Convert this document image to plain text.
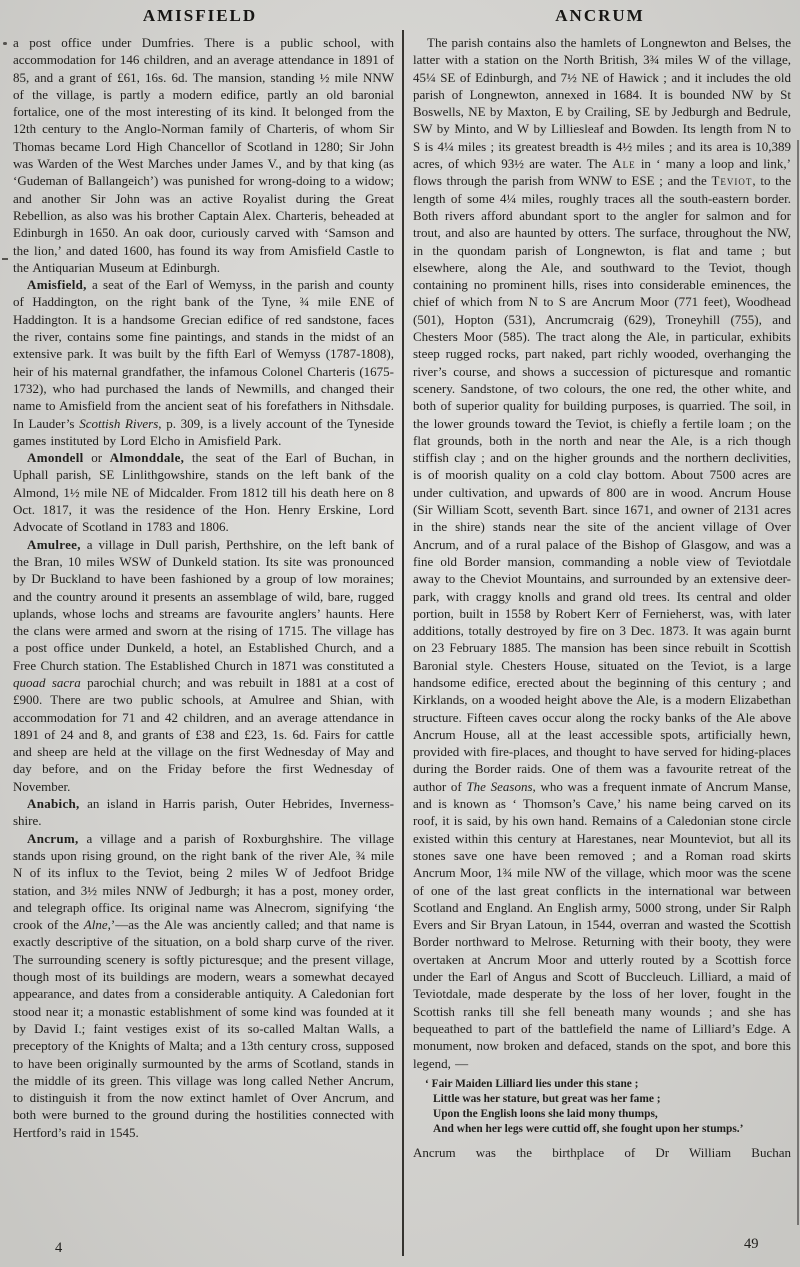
AMISFIELD	ANCRUM

a post office under Dumfries. There is a public school, with accommodation for 146 children, and an average attendance in 1891 of 85, and a grant of £61, 16s. 6d. The mansion, standing ½ mile NNW of the village, is partly a modern edifice, partly an old baronial fortalice, one of the most interesting of its kind. It belonged from the 12th century to the Anglo-Norman family of Charteris, of whom Sir Thomas became Lord High Chancellor of Scotland in 1280; Sir John was Warden of the West Marches under James V., and by that king (as ‘Gudeman of Ballangeich’) was punished for wrong-doing to a widow; and another Sir John was an active Royalist during the Great Rebellion, as also was his brother Captain Alex. Charteris, beheaded at Edinburgh in 1650. An oak door, curiously carved with ‘Samson and the lion,’ and dated 1600, has found its way from Amisfield Castle to the Antiquarian Museum at Edinburgh.

Amisfield, a seat of the Earl of Wemyss, in the parish and county of Haddington, on the right bank of the Tyne, ¾ mile ENE of Haddington. It is a handsome Grecian edifice of red sandstone, faces the river, contains some fine paintings, and stands in the midst of an extensive park. It was built by the fifth Earl of Wemyss (1787-1808), heir of his maternal grandfather, the infamous Colonel Charteris (1675-1732), who had purchased the lands of Newmills, and changed their name to Amisfield from the ancient seat of his forefathers in Nithsdale. In Lauder’s Scottish Rivers, p. 309, is a lively account of the Tyneside games instituted by Lord Elcho in Amisfield Park.

Amondell or Almonddale, the seat of the Earl of Buchan, in Uphall parish, SE Linlithgowshire, stands on the left bank of the Almond, 1½ mile NE of Midcalder. From 1812 till his death here on 8 Oct. 1817, it was the residence of the Hon. Henry Erskine, Lord Advocate of Scotland in 1783 and 1806.

Amulree, a village in Dull parish, Perthshire, on the left bank of the Bran, 10 miles WSW of Dunkeld station. Its site was pronounced by Dr Buckland to have been fashioned by a group of low moraines; and the country around it presents an assemblage of wild, bare, rugged uplands, whose lochs and streams are favourite anglers’ haunts. Here the clans were armed and sworn at the rising of 1715. The village has a post office under Dunkeld, a hotel, an Established Church, and a Free Church station. The Established Church in 1871 was constituted a quoad sacra parochial church; and was rebuilt in 1881 at a cost of £900. There are two public schools, at Amulree and Shian, with accommodation for 71 and 42 children, and an average attendance in 1891 of 24 and 8, and grants of £38 and £23, 1s. 6d. Fairs for cattle and sheep are held at the village on the first Wednesday of May and day before, and on the Friday before the first Wednesday of November.

Anabich, an island in Harris parish, Outer Hebrides, Inverness-shire.

Ancrum, a village and a parish of Roxburghshire. The village stands upon rising ground, on the right bank of the river Ale, ¾ mile N of its influx to the Teviot, being 2 miles W of Jedfoot Bridge station, and 3½ miles NNW of Jedburgh; it has a post, money order, and telegraph office. Its original name was Alnecrom, signifying ‘the crook of the Alne,’—as the Ale was anciently called; and that name is exactly descriptive of the situation, on a bold sharp curve of the river. The surrounding scenery is softly picturesque; and the present village, though most of its buildings are modern, wears a somewhat decayed appearance, and dates from a considerable antiquity. A Caledonian fort stood near it; a monastic establishment of some kind was founded at it by David I.; faint vestiges exist of its so-called Maltan Walls, a preceptory of the Knights of Malta; and a 13th century cross, supposed to have been originally surmounted by the arms of Scotland, stands in the middle of its green. This village was long called Nether Ancrum, to distinguish it from the now extinct hamlet of Over Ancrum, and both were burned to the ground during the hostilities connected with Hertford’s raid in 1545.

The parish contains also the hamlets of Longnewton and Belses, the latter with a station on the North British, 3¾ miles W of the village, 45¼ SE of Edinburgh, and 7½ NE of Hawick ; and it includes the old parish of Longnewton, annexed in 1684. It is bounded NW by St Boswells, NE by Maxton, E by Crailing, SE by Jedburgh and Bedrule, SW by Minto, and W by Lilliesleaf and Bowden. Its length from N to S is 4¼ miles ; its greatest breadth is 4½ miles ; and its area is 10,389 acres, of which 93½ are water. The Ale in ‘ many a loop and link,’ flows through the parish from WNW to ESE ; and the Teviot, to the length of some 4¼ miles, roughly traces all the south-eastern border. Both rivers afford abundant sport to the angler for salmon and for trout, and also are haunted by otters. The surface, throughout the NW, in the quondam parish of Longnewton, is flat and tame ; but elsewhere, along the Ale, and southward to the Teviot, though containing no prominent hills, rises into considerable eminences, the chief of which from N to S are Ancrum Moor (771 feet), Woodhead (501), Hopton (531), Ancrumcraig (629), Troneyhill (755), and Chesters Moor (585). The tract along the Ale, in particular, exhibits steep rugged rocks, part naked, part richly wooded, overhanging the river’s course, and shows a succession of picturesque and romantic scenery. Sandstone, of two colours, the one red, the other white, and both of superior quality for building purposes, is quarried. The soil, in the lower grounds toward the Teviot, is chiefly a fertile loam ; on the flat grounds, both in the north and near the Ale, is a rich though stiffish clay ; and on the higher grounds and the northern declivities, is of moorish quality on a cold clay bottom. About 7500 acres are under cultivation, and upwards of 800 are in wood. Ancrum House (Sir William Scott, seventh Bart. since 1671, and owner of 2131 acres in the shire) stands near the site of the ancient village of Over Ancrum, and of a rural palace of the Bishop of Glasgow, and was a fine old Border mansion, commanding a noble view of Teviotdale away to the Cheviot Mountains, and surrounded by an extensive deer-park, with craggy knolls and grand old trees. Its central and older portion, built in 1558 by Robert Kerr of Fernieherst, was, with later additions, totally destroyed by fire on 3 Dec. 1873. It was again burnt on 23 February 1885. The mansion has been since rebuilt in Scottish Baronial style. Chesters House, situated on the Teviot, is a large handsome edifice, erected about the beginning of this century ; and Kirklands, on a wooded height above the Ale, is a modern Elizabethan structure. Fifteen caves occur along the rocky banks of the Ale above Ancrum House, all at the least accessible spots, artificially hewn, provided with fire-places, and thought to have served for hiding-places during the Border raids. One of them was a favourite retreat of the author of The Seasons, who was a frequent inmate of Ancrum Manse, and is known as ‘ Thomson’s Cave,’ his name being carved on its roof, it is said, by his own hand. Remains of a Caledonian stone circle existed within this century at Harestanes, near Mounteviot, but all its stones save one have been removed ; and a Roman road skirts Ancrum Moor, 1¾ mile NW of the village, which moor was the scene of one of the last great conflicts in the international war between Scotland and England. An English army, 5000 strong, under Sir Ralph Evers and Sir Bryan Latoun, in 1544, overran and wasted the Scottish Border northward to Melrose. Returning with their booty, they were overtaken at Ancrum Moor and utterly routed by a Scottish force under the Earl of Angus and Scott of Buccleuch. Lilliard, a maid of Teviotdale, made desperate by the loss of her lover, fought in the Scottish ranks till she fell beneath many wounds ; and she has bequeathed to part of the battlefield the name of Lilliard’s Edge. A monument, now broken and defaced, stands on the spot, and bore this legend, —

‘ Fair Maiden Lilliard lies under this stane ;
Little was her stature, but great was her fame ;
Upon the English loons she laid mony thumps,
And when her legs were cuttid off, she fought upon her stumps.’

Ancrum was the birthplace of Dr William Buchan

4	49
